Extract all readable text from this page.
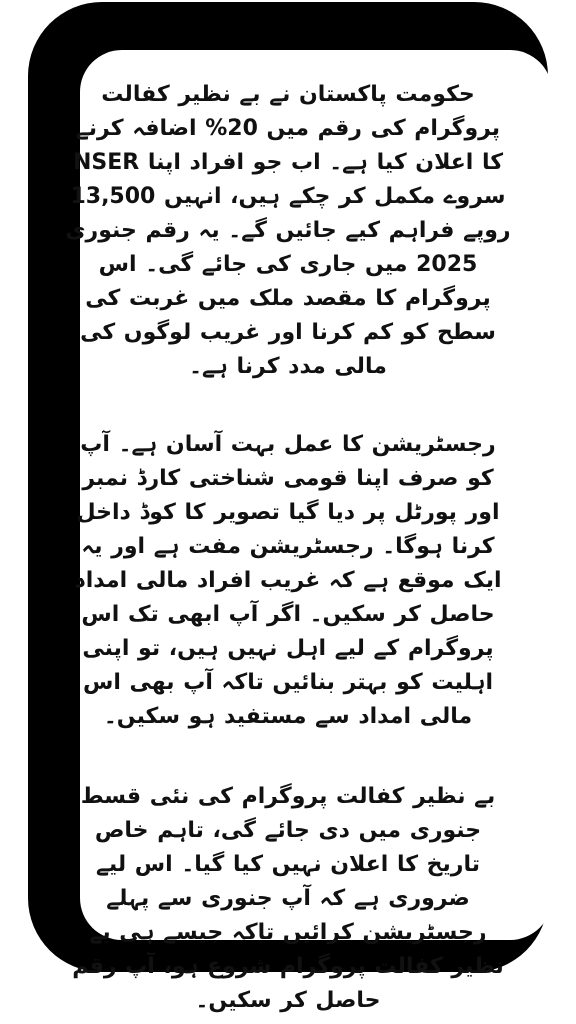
حکومت پاکستان نے بے نظیر کفالت پروگرام کی رقم میں 20% اضافہ کرنے کا اعلان کیا ہے۔ اب جو افراد اپنا NSER سروے مکمل کر چکے ہیں، انہیں 13,500 روپے فراہم کیے جائیں گے۔ یہ رقم جنوری 2025 میں جاری کی جائے گی۔ اس پروگرام کا مقصد ملک میں غربت کی سطح کو کم کرنا اور غریب لوگوں کی مالی مدد کرنا ہے۔

رجسٹریشن کا عمل بہت آسان ہے۔ آپ کو صرف اپنا قومی شناختی کارڈ نمبر اور پورٹل پر دیا گیا تصویر کا کوڈ داخل کرنا ہوگا۔ رجسٹریشن مفت ہے اور یہ ایک موقع ہے کہ غریب افراد مالی امداد حاصل کر سکیں۔ اگر آپ ابھی تک اس پروگرام کے لیے اہل نہیں ہیں، تو اپنی اہلیت کو بہتر بنائیں تاکہ آپ بھی اس مالی امداد سے مستفید ہو سکیں۔

بے نظیر کفالت پروگرام کی نئی قسط جنوری میں دی جائے گی، تاہم خاص تاریخ کا اعلان نہیں کیا گیا۔ اس لیے ضروری ہے کہ آپ جنوری سے پہلے رجسٹریشن کرائیں تاکہ جیسے ہی بے نظیر کفالت پروگرام شروع ہو، آپ رقم حاصل کر سکیں۔
